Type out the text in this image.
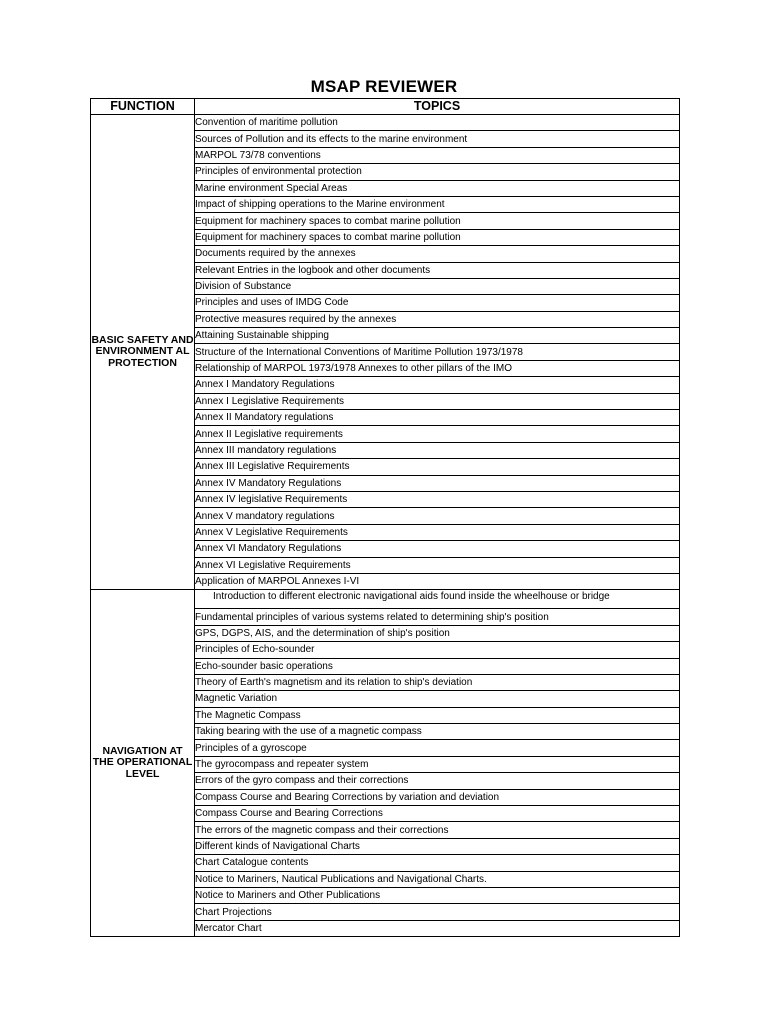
MSAP REVIEWER
FUNCTION	TOPICS
BASIC SAFETY AND ENVIRONMENT AL PROTECTION	Convention of maritime pollution
	Sources of Pollution and its effects to the marine environment
	MARPOL 73/78 conventions
	Principles of environmental protection
	Marine environment Special Areas
	Impact of shipping operations to the Marine environment
	Equipment for machinery spaces to combat marine pollution
	Equipment for machinery spaces to combat marine pollution
	Documents required by the annexes
	Relevant Entries in the logbook and other documents
	Division of Substance
	Principles and uses of IMDG Code
	Protective measures required by the annexes
	Attaining Sustainable shipping
	Structure of the International Conventions of Maritime Pollution 1973/1978
	Relationship of MARPOL 1973/1978 Annexes to other pillars of the IMO
	Annex I Mandatory Regulations
	Annex I Legislative Requirements
	Annex II Mandatory regulations
	Annex II Legislative requirements
	Annex III mandatory regulations
	Annex III Legislative Requirements
	Annex IV Mandatory Regulations
	Annex IV legislative Requirements
	Annex V mandatory regulations
	Annex V Legislative Requirements
	Annex VI Mandatory Regulations
	Annex VI Legislative Requirements
	Application of MARPOL Annexes I-VI
NAVIGATION AT THE OPERATIONAL LEVEL	Introduction to different electronic navigational aids found inside the wheelhouse or bridge
	Fundamental principles of various systems related to determining ship's position
	GPS, DGPS, AIS, and the determination of ship's position
	Principles of Echo-sounder
	Echo-sounder basic operations
	Theory of Earth's magnetism and its relation to ship's deviation
	Magnetic Variation
	The Magnetic Compass
	Taking bearing with the use of a magnetic compass
	Principles of a gyroscope
	The gyrocompass and repeater system
	Errors of the gyro compass and their corrections
	Compass Course and Bearing Corrections by variation and deviation
	Compass Course and Bearing Corrections
	The errors of the magnetic compass and their corrections
	Different kinds of Navigational Charts
	Chart Catalogue contents
	Notice to Mariners, Nautical Publications and Navigational Charts.
	Notice to Mariners and Other Publications
	Chart Projections
	Mercator Chart
